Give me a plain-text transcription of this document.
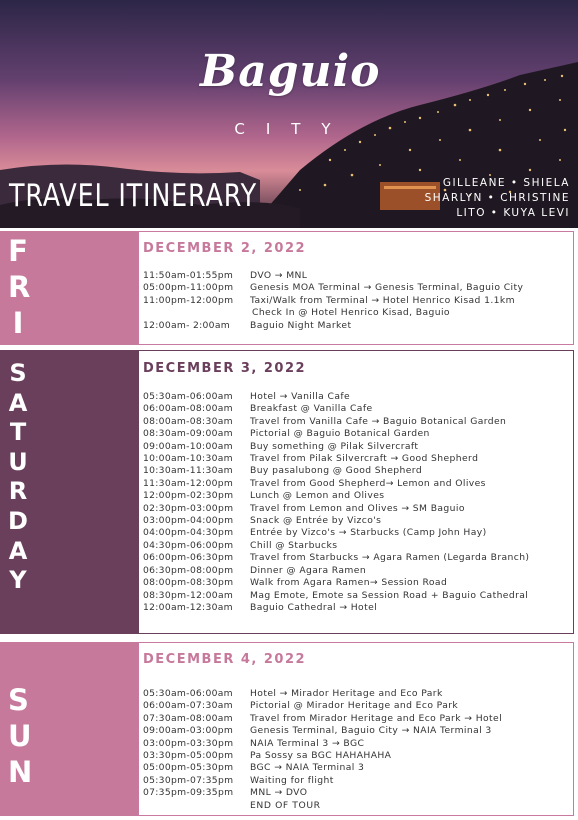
Baguio
CITY
TRAVEL ITINERARY	GILLEANE • SHIELA
SHARLYN • CHRISTINE
LITO • KUYA LEVI
F
R
I
DECEMBER 2, 2022
11:50am-01:55pm	DVO → MNL
05:00pm-11:00pm	Genesis MOA Terminal → Genesis Terminal, Baguio City
11:00pm-12:00pm	Taxi/Walk from Terminal → Hotel Henrico Kisad 1.1km
Check In @ Hotel Henrico Kisad, Baguio
12:00am- 2:00am	Baguio Night Market
S
A
T
U
R
D
A
Y
DECEMBER 3, 2022
05:30am-06:00am	Hotel → Vanilla Cafe
06:00am-08:00am	Breakfast @ Vanilla Cafe
08:00am-08:30am	Travel from Vanilla Cafe → Baguio Botanical Garden
08:30am-09:00am	Pictorial @ Baguio Botanical Garden
09:00am-10:00am	Buy something @ Pilak Silvercraft
10:00am-10:30am	Travel from Pilak Silvercraft → Good Shepherd
10:30am-11:30am	Buy pasalubong @ Good Shepherd
11:30am-12:00pm	Travel from Good Shepherd→ Lemon and Olives
12:00pm-02:30pm	Lunch @ Lemon and Olives
02:30pm-03:00pm	Travel from Lemon and Olives → SM Baguio
03:00pm-04:00pm	Snack @ Entrée by Vizco's
04:00pm-04:30pm	Entrée by Vizco's → Starbucks (Camp John Hay)
04:30pm-06:00pm	Chill @ Starbucks
06:00pm-06:30pm	Travel from Starbucks → Agara Ramen (Legarda Branch)
06:30pm-08:00pm	Dinner @ Agara Ramen
08:00pm-08:30pm	Walk from Agara Ramen→ Session Road
08:30pm-12:00am	Mag Emote, Emote sa Session Road + Baguio Cathedral
12:00am-12:30am	Baguio Cathedral → Hotel
S
U
N
DECEMBER 4, 2022
05:30am-06:00am	Hotel → Mirador Heritage and Eco Park
06:00am-07:30am	Pictorial @ Mirador Heritage and Eco Park
07:30am-08:00am	Travel from Mirador Heritage and Eco Park → Hotel
09:00am-03:00pm	Genesis Terminal, Baguio City → NAIA Terminal 3
03:00pm-03:30pm	NAIA Terminal 3 → BGC
03:30pm-05:00pm	Pa Sossy sa BGC HAHAHAHA
05:00pm-05:30pm	BGC → NAIA Terminal 3
05:30pm-07:35pm	Waiting for flight
07:35pm-09:35pm	MNL → DVO
END OF TOUR
